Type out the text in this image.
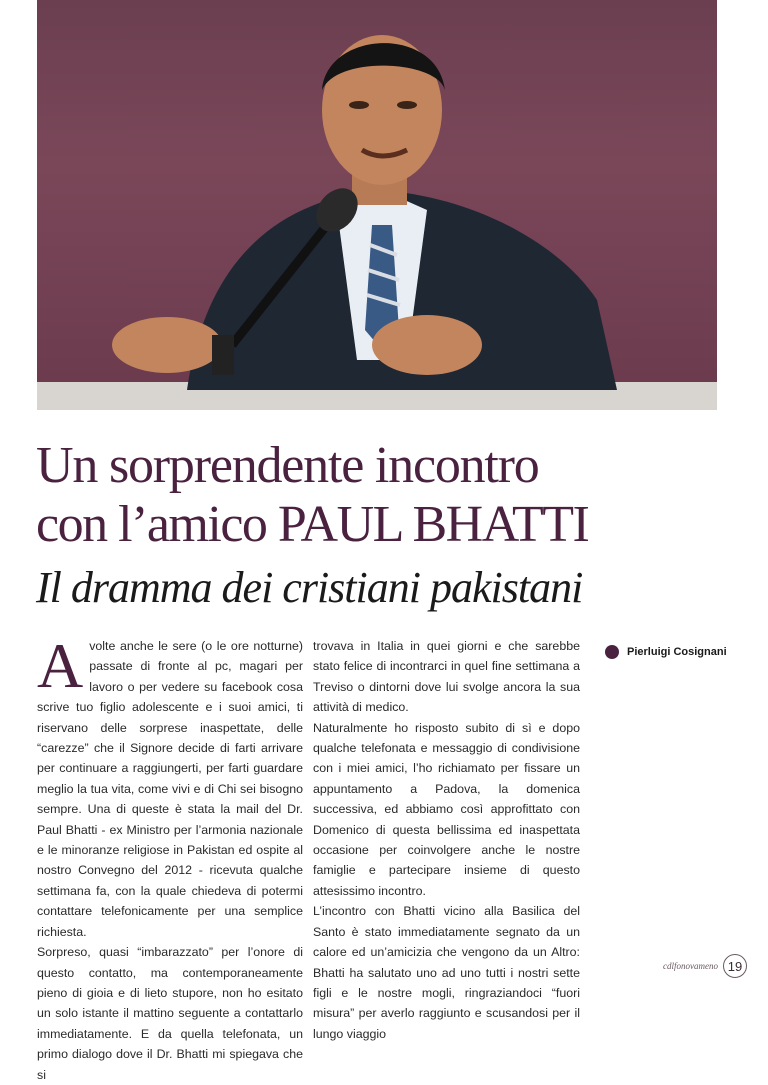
Un sorprendente incontro
con l’amico PAUL BHATTI
Il dramma dei cristiani pakistani

Avolte anche le sere (o le ore notturne) passate di fronte al pc, magari per lavoro o per vedere su facebook cosa scrive tuo figlio adolescente e i suoi amici, ti riservano delle sorprese inaspettate, delle “carezze” che il Signore decide di farti arrivare per continuare a raggiungerti, per farti guardare meglio la tua vita, come vivi e di Chi sei bisogno sempre. Una di queste è stata la mail del Dr. Paul Bhatti - ex Ministro per l’armonia nazionale e le minoranze religiose in Pakistan ed ospite al nostro Convegno del 2012 - ricevuta qualche settimana fa, con la quale chiedeva di potermi contattare telefonicamente per una semplice richiesta.

Sorpreso, quasi “imbarazzato” per l’onore di questo contatto, ma contemporaneamente pieno di gioia e di lieto stupore, non ho esitato un solo istante il mattino seguente a contattarlo immediatamente. E da quella telefonata, un primo dialogo dove il Dr. Bhatti mi spiegava che si

trovava in Italia in quei giorni e che sarebbe stato felice di incontrarci in quel fine settimana a Treviso o dintorni dove lui svolge ancora la sua attività di medico.

Naturalmente ho risposto subito di sì e dopo qualche telefonata e messaggio di condivisione con i miei amici, l’ho richiamato per fissare un appuntamento a Padova, la domenica successiva, ed abbiamo così approfittato con Domenico di questa bellissima ed inaspettata occasione per coinvolgere anche le nostre famiglie e partecipare insieme di questo attesissimo incontro.

L’incontro con Bhatti vicino alla Basilica del Santo è stato immediatamente segnato da un calore ed un’amicizia che vengono da un Altro: Bhatti ha salutato uno ad uno tutti i nostri sette figli e le nostre mogli, ringraziandoci “fuori misura” per averlo raggiunto e scusandosi per il lungo viaggio

Pierluigi Cosignani
cdlfonovameno 19
